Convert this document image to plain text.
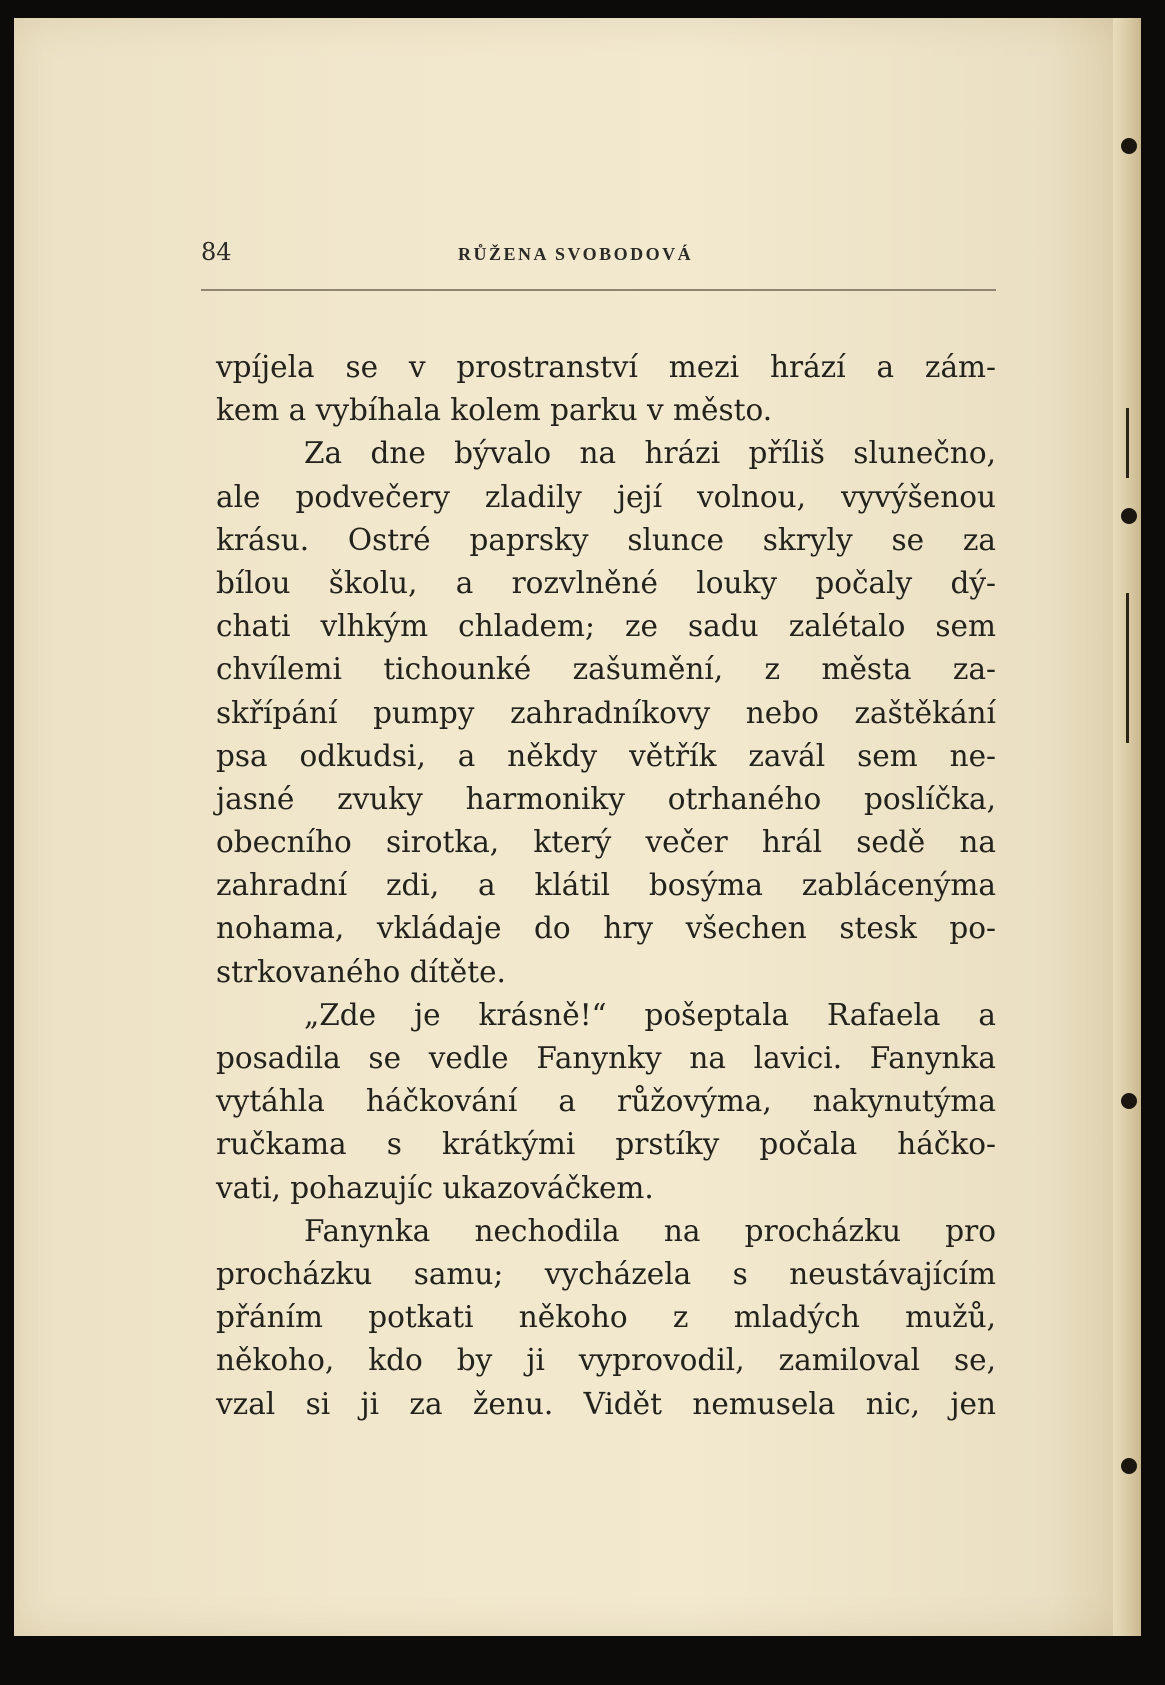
84	RŮŽENA SVOBODOVÁ
vpíjela se v prostranství mezi hrází a zám-
kem a vybíhala kolem parku v město.
Za dne bývalo na hrázi příliš slunečno,
ale podvečery zladily její volnou, vyvýšenou
krásu. Ostré paprsky slunce skryly se za
bílou školu, a rozvlněné louky počaly dý-
chati vlhkým chladem; ze sadu zalétalo sem
chvílemi tichounké zašumění, z města za-
skřípání pumpy zahradníkovy nebo zaštěkání
psa odkudsi, a někdy větřík zavál sem ne-
jasné zvuky harmoniky otrhaného poslíčka,
obecního sirotka, který večer hrál sedě na
zahradní zdi, a klátil bosýma zablácenýma
nohama, vkládaje do hry všechen stesk po-
strkovaného dítěte.
„Zde je krásně!“ pošeptala Rafaela a
posadila se vedle Fanynky na lavici. Fanynka
vytáhla háčkování a růžovýma, nakynutýma
ručkama s krátkými prstíky počala háčko-
vati, pohazujíc ukazováčkem.
Fanynka nechodila na procházku pro
procházku samu; vycházela s neustávajícím
přáním potkati někoho z mladých mužů,
někoho, kdo by ji vyprovodil, zamiloval se,
vzal si ji za ženu. Vidět nemusela nic, jen
